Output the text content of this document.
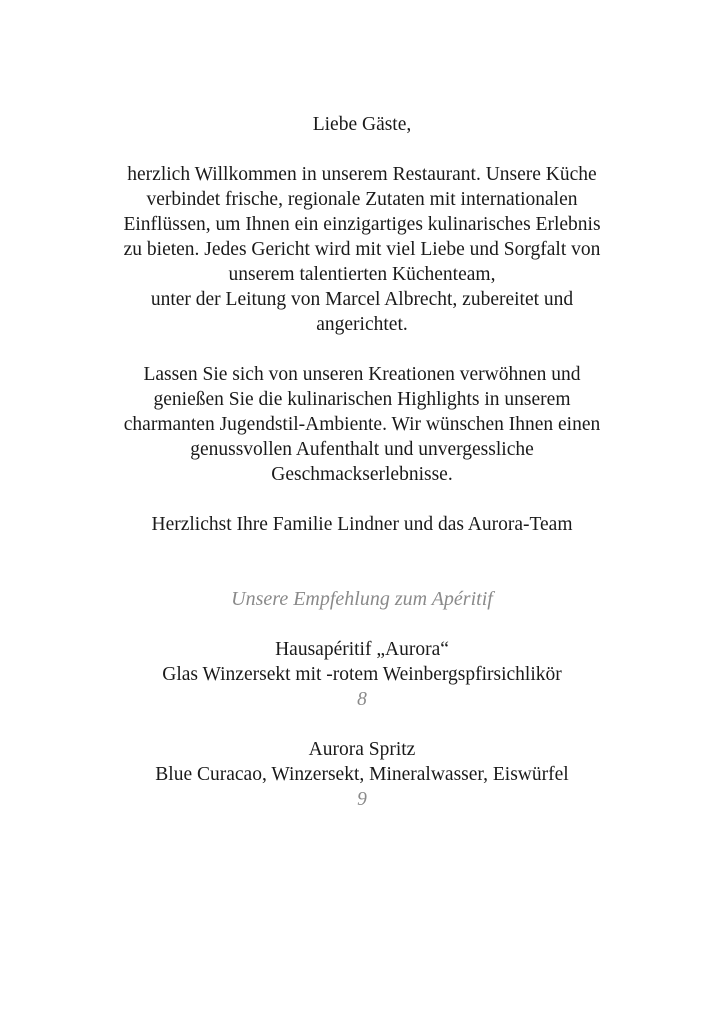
Liebe Gäste,
herzlich Willkommen in unserem Restaurant. Unsere Küche
verbindet frische, regionale Zutaten mit internationalen
Einflüssen, um Ihnen ein einzigartiges kulinarisches Erlebnis
zu bieten. Jedes Gericht wird mit viel Liebe und Sorgfalt von
unserem talentierten Küchenteam,
unter der Leitung von Marcel Albrecht, zubereitet und
angerichtet.
Lassen Sie sich von unseren Kreationen verwöhnen und
genießen Sie die kulinarischen Highlights in unserem
charmanten Jugendstil-Ambiente. Wir wünschen Ihnen einen
genussvollen Aufenthalt und unvergessliche
Geschmackserlebnisse.
Herzlichst Ihre Familie Lindner und das Aurora-Team
Unsere Empfehlung zum Apéritif
Hausapéritif „Aurora“
Glas Winzersekt mit -rotem Weinbergspfirsichlikör
8
Aurora Spritz
Blue Curacao, Winzersekt, Mineralwasser, Eiswürfel
9
